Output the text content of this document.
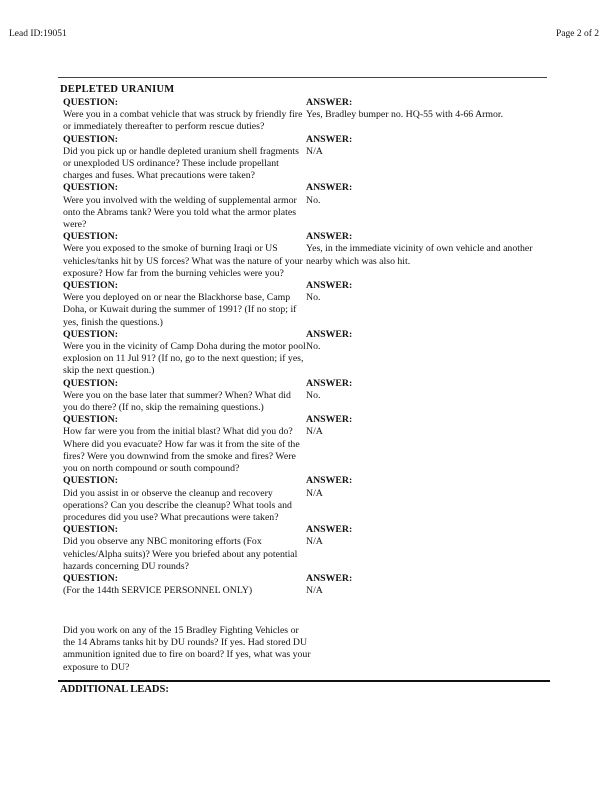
Lead ID:19051	Page 2 of 2
DEPLETED URANIUM
QUESTION:
Were you in a combat vehicle that was struck by friendly fire or immediately thereafter to perform rescue duties?
ANSWER:
Yes, Bradley bumper no. HQ-55 with 4-66 Armor.
QUESTION:
Did you pick up or handle depleted uranium shell fragments or unexploded US ordinance? These include propellant charges and fuses. What precautions were taken?
ANSWER:
N/A
QUESTION:
Were you involved with the welding of supplemental armor onto the Abrams tank? Were you told what the armor plates were?
ANSWER:
No.
QUESTION:
Were you exposed to the smoke of burning Iraqi or US vehicles/tanks hit by US forces? What was the nature of your exposure? How far from the burning vehicles were you?
ANSWER:
Yes, in the immediate vicinity of own vehicle and another nearby which was also hit.
QUESTION:
Were you deployed on or near the Blackhorse base, Camp Doha, or Kuwait during the summer of 1991? (If no stop; if yes, finish the questions.)
ANSWER:
No.
QUESTION:
Were you in the vicinity of Camp Doha during the motor pool explosion on 11 Jul 91? (If no, go to the next question; if yes, skip the next question.)
ANSWER:
No.
QUESTION:
Were you on the base later that summer? When? What did you do there? (If no, skip the remaining questions.)
ANSWER:
No.
QUESTION:
How far were you from the initial blast? What did you do? Where did you evacuate? How far was it from the site of the fires? Were you downwind from the smoke and fires? Were you on north compound or south compound?
ANSWER:
N/A
QUESTION:
Did you assist in or observe the cleanup and recovery operations? Can you describe the cleanup? What tools and procedures did you use? What precautions were taken?
ANSWER:
N/A
QUESTION:
Did you observe any NBC monitoring efforts (Fox vehicles/Alpha suits)? Were you briefed about any potential hazards concerning DU rounds?
ANSWER:
N/A
QUESTION:
(For the 144th SERVICE PERSONNEL ONLY)
ANSWER:
N/A
Did you work on any of the 15 Bradley Fighting Vehicles or the 14 Abrams tanks hit by DU rounds? If yes. Had stored DU ammunition ignited due to fire on board? If yes, what was your exposure to DU?
ADDITIONAL LEADS:
